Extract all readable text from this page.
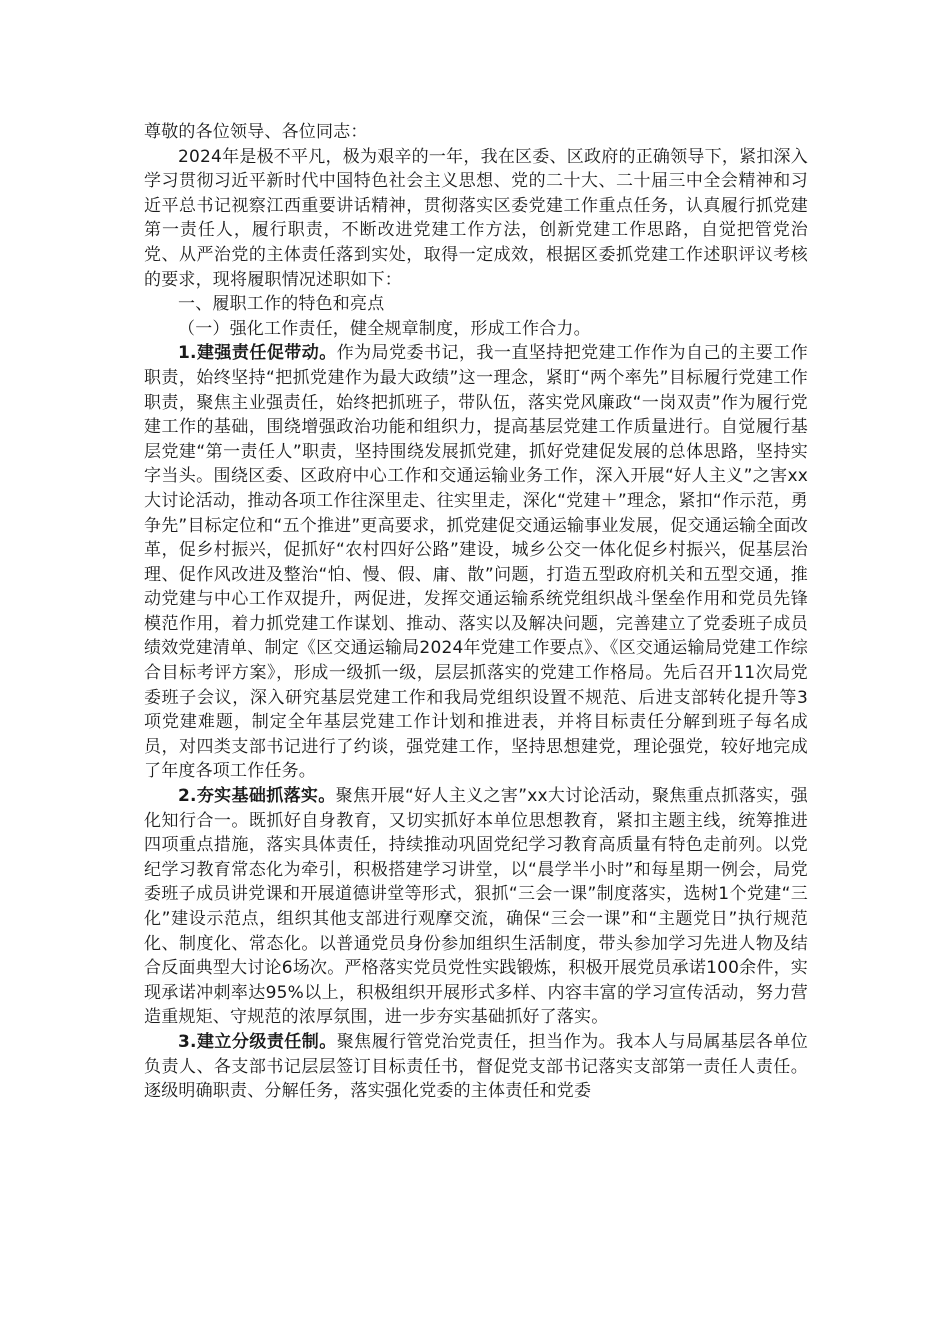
尊敬的各位领导、各位同志：

2024年是极不平凡，极为艰辛的一年，我在区委、区政府的正确领导下，紧扣深入学习贯彻习近平新时代中国特色社会主义思想、党的二十大、二十届三中全会精神和习近平总书记视察江西重要讲话精神，贯彻落实区委党建工作重点任务，认真履行抓党建第一责任人，履行职责，不断改进党建工作方法，创新党建工作思路，自觉把管党治党、从严治党的主体责任落到实处，取得一定成效，根据区委抓党建工作述职评议考核的要求，现将履职情况述职如下：

一、履职工作的特色和亮点

（一）强化工作责任，健全规章制度，形成工作合力。

1.建强责任促带动。作为局党委书记，我一直坚持把党建工作作为自己的主要工作职责，始终坚持“把抓党建作为最大政绩”这一理念，紧盯“两个率先”目标履行党建工作职责，聚焦主业强责任，始终把抓班子，带队伍，落实党风廉政“一岗双责”作为履行党建工作的基础，围绕增强政治功能和组织力，提高基层党建工作质量进行。自觉履行基层党建“第一责任人”职责，坚持围绕发展抓党建，抓好党建促发展的总体思路，坚持实字当头。围绕区委、区政府中心工作和交通运输业务工作，深入开展“好人主义”之害xx大讨论活动，推动各项工作往深里走、往实里走，深化“党建＋”理念，紧扣“作示范，勇争先”目标定位和“五个推进”更高要求，抓党建促交通运输事业发展，促交通运输全面改革，促乡村振兴，促抓好“农村四好公路”建设，城乡公交一体化促乡村振兴，促基层治理、促作风改进及整治“怕、慢、假、庸、散”问题，打造五型政府机关和五型交通，推动党建与中心工作双提升，两促进，发挥交通运输系统党组织战斗堡垒作用和党员先锋模范作用，着力抓党建工作谋划、推动、落实以及解决问题，完善建立了党委班子成员绩效党建清单、制定《区交通运输局2024年党建工作要点》、《区交通运输局党建工作综合目标考评方案》，形成一级抓一级，层层抓落实的党建工作格局。先后召开11次局党委班子会议，深入研究基层党建工作和我局党组织设置不规范、后进支部转化提升等3项党建难题，制定全年基层党建工作计划和推进表，并将目标责任分解到班子每名成员，对四类支部书记进行了约谈，强党建工作，坚持思想建党，理论强党，较好地完成了年度各项工作任务。

2.夯实基础抓落实。聚焦开展“好人主义之害”xx大讨论活动，聚焦重点抓落实，强化知行合一。既抓好自身教育，又切实抓好本单位思想教育，紧扣主题主线，统筹推进四项重点措施，落实具体责任，持续推动巩固党纪学习教育高质量有特色走前列。以党纪学习教育常态化为牵引，积极搭建学习讲堂，以“晨学半小时”和每星期一例会，局党委班子成员讲党课和开展道德讲堂等形式，狠抓“三会一课”制度落实，选树1个党建“三化”建设示范点，组织其他支部进行观摩交流，确保“三会一课”和“主题党日”执行规范化、制度化、常态化。以普通党员身份参加组织生活制度，带头参加学习先进人物及结合反面典型大讨论6场次。严格落实党员党性实践锻炼，积极开展党员承诺100余件，实现承诺冲刺率达95%以上，积极组织开展形式多样、内容丰富的学习宣传活动，努力营造重规矩、守规范的浓厚氛围，进一步夯实基础抓好了落实。

3.建立分级责任制。聚焦履行管党治党责任，担当作为。我本人与局属基层各单位负责人、各支部书记层层签订目标责任书，督促党支部书记落实支部第一责任人责任。逐级明确职责、分解任务，落实强化党委的主体责任和党委
